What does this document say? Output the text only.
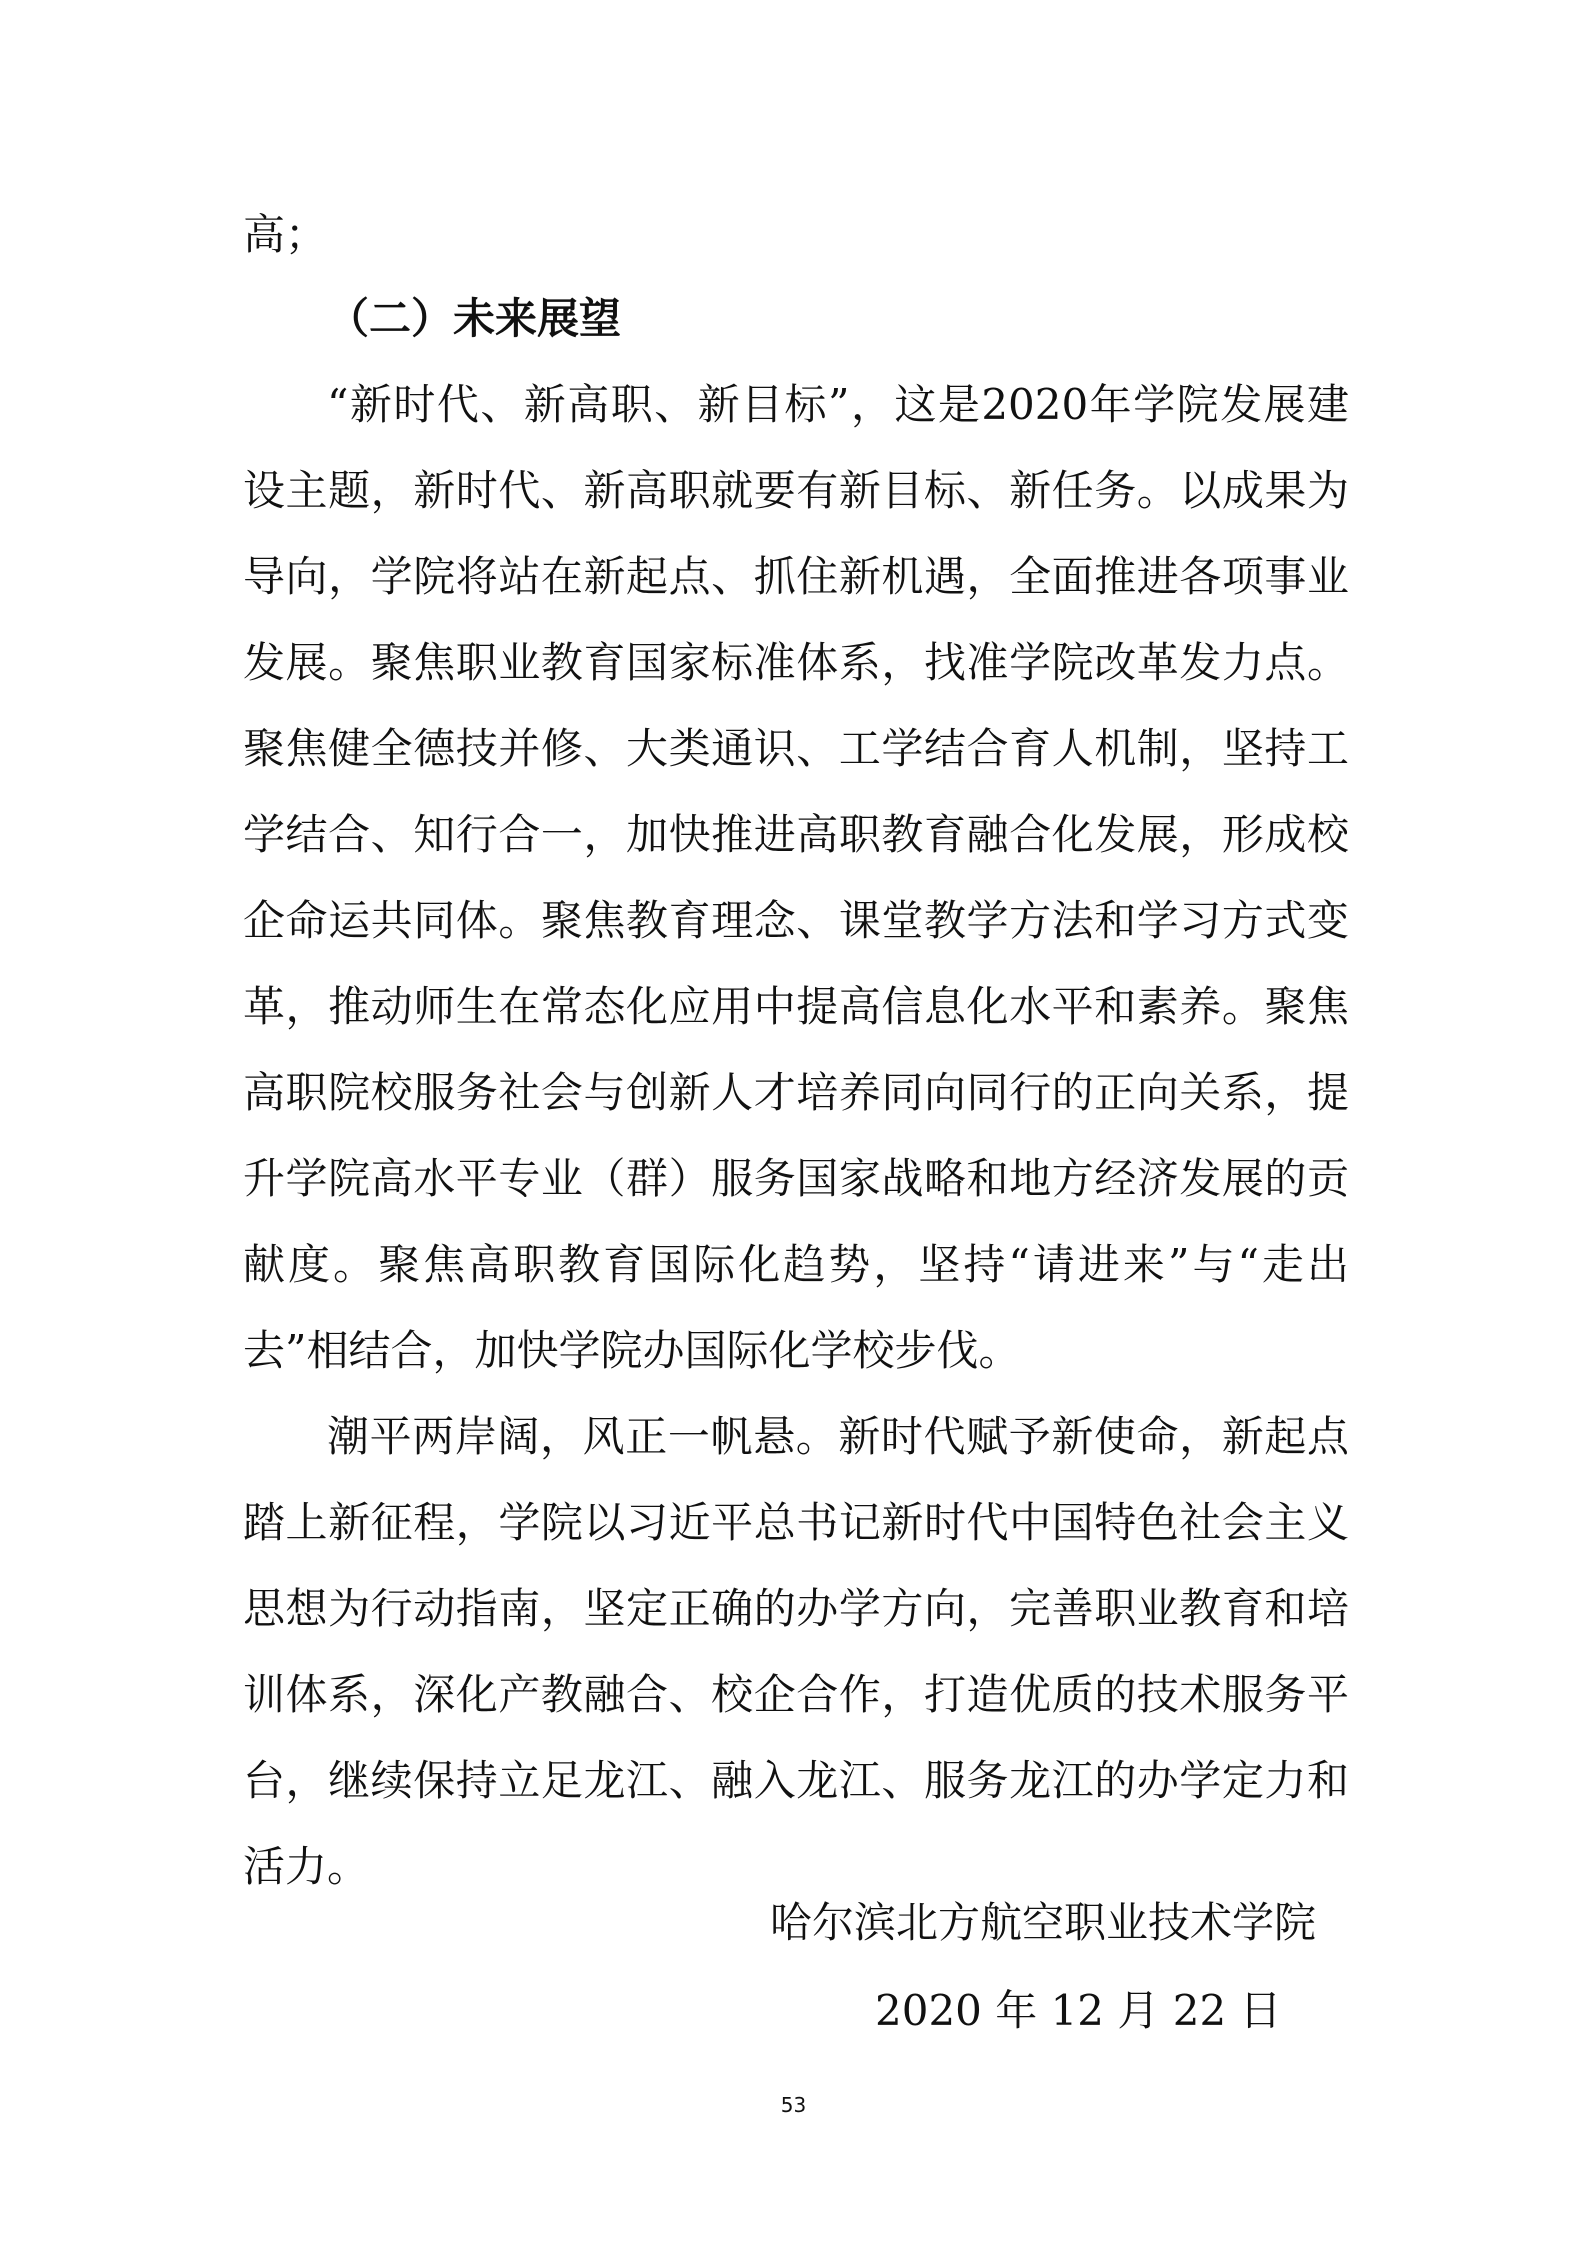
高；
（二）未来展望
“新时代、新高职、新目标”，这是2020年学院发展建
设主题，新时代、新高职就要有新目标、新任务。以成果为
导向，学院将站在新起点、抓住新机遇，全面推进各项事业
发展。聚焦职业教育国家标准体系，找准学院改革发力点。
聚焦健全德技并修、大类通识、工学结合育人机制，坚持工
学结合、知行合一，加快推进高职教育融合化发展，形成校
企命运共同体。聚焦教育理念、课堂教学方法和学习方式变
革，推动师生在常态化应用中提高信息化水平和素养。聚焦
高职院校服务社会与创新人才培养同向同行的正向关系，提
升学院高水平专业（群）服务国家战略和地方经济发展的贡
献度。聚焦高职教育国际化趋势，坚持“请进来”与“走出
去”相结合，加快学院办国际化学校步伐。
潮平两岸阔，风正一帆悬。新时代赋予新使命，新起点
踏上新征程，学院以习近平总书记新时代中国特色社会主义
思想为行动指南，坚定正确的办学方向，完善职业教育和培
训体系，深化产教融合、校企合作，打造优质的技术服务平
台，继续保持立足龙江、融入龙江、服务龙江的办学定力和
活力。
哈尔滨北方航空职业技术学院
2020 年 12 月 22 日
53
